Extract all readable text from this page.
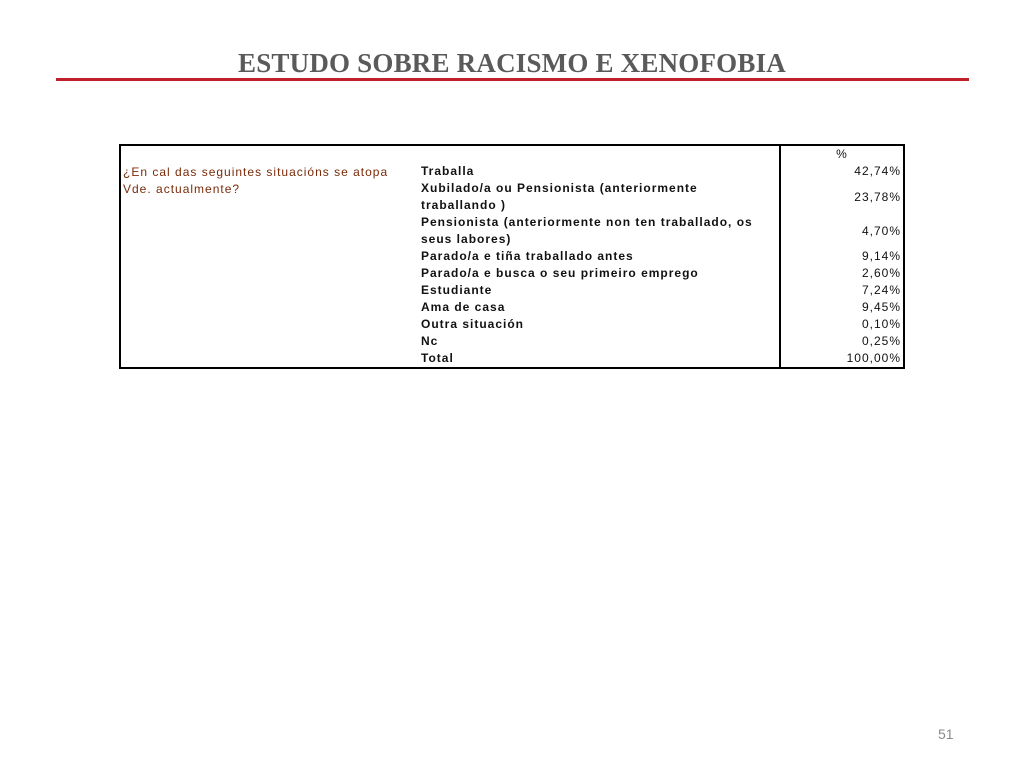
ESTUDO SOBRE RACISMO E XENOFOBIA
		%
¿En cal das seguintes situacións se atopa Vde. actualmente?	Traballa	42,74%
	Xubilado/a ou Pensionista (anteriormente traballando )	23,78%
	Pensionista (anteriormente non ten traballado, os seus labores)	4,70%
	Parado/a e tiña traballado antes	9,14%
	Parado/a e busca o seu primeiro emprego	2,60%
	Estudiante	7,24%
	Ama de casa	9,45%
	Outra situación	0,10%
	Nc	0,25%
	Total	100,00%
51
